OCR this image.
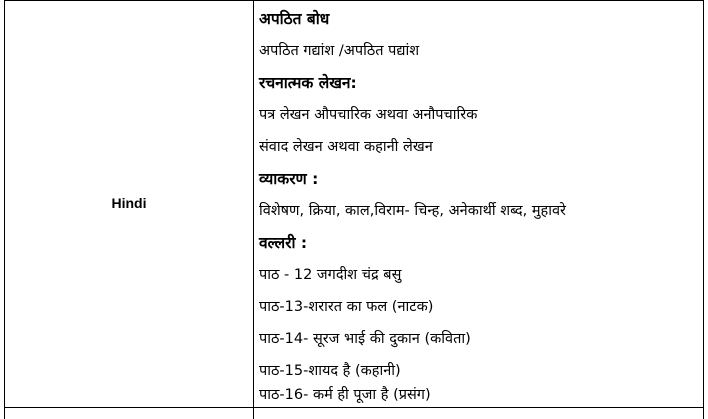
Hindi
अपठित बोध
अपठित गद्यांश /अपठित पद्यांश
रचनात्मक लेखन:
पत्र लेखन औपचारिक अथवा अनौपचारिक
संवाद लेखन अथवा कहानी लेखन
व्याकरण :
विशेषण, क्रिया, काल,विराम- चिन्ह, अनेकार्थी शब्द, मुहावरे
वल्लरी :
पाठ - 12 जगदीश चंद्र बसु
पाठ-13-शरारत का फल (नाटक)
पाठ-14- सूरज भाई की दुकान (कविता)
पाठ-15-शायद है (कहानी)
पाठ-16- कर्म ही पूजा है (प्रसंग)
